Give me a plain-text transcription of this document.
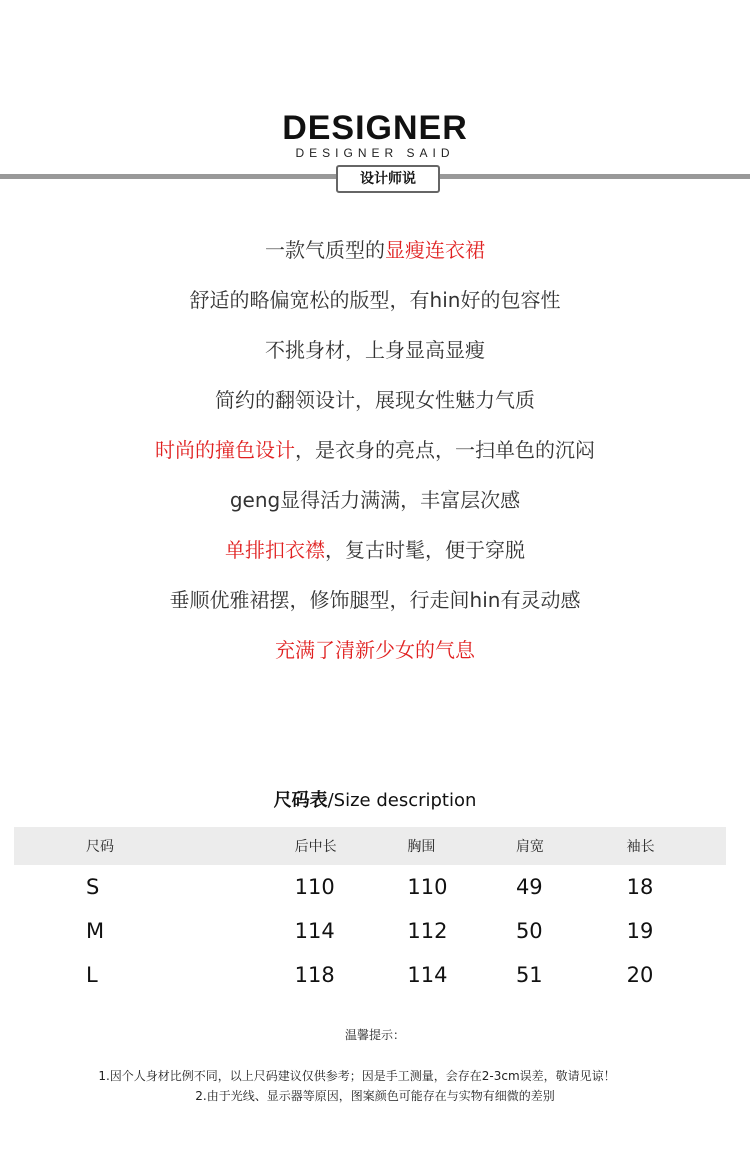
DESIGNER
DESIGNER SAID
设计师说
一款气质型的显瘦连衣裙
舒适的略偏宽松的版型，有hin好的包容性
不挑身材，上身显高显瘦
简约的翻领设计，展现女性魅力气质
时尚的撞色设计，是衣身的亮点，一扫单色的沉闷
geng显得活力满满，丰富层次感
单排扣衣襟，复古时髦，便于穿脱
垂顺优雅裙摆，修饰腿型，行走间hin有灵动感
充满了清新少女的气息
尺码表/Size description
尺码	后中长	胸围	肩宽	袖长
S	110	110	49	18
M	114	112	50	19
L	118	114	51	20
温馨提示：
1.因个人身材比例不同，以上尺码建议仅供参考；因是手工测量，会存在2-3cm误差，敬请见谅！
2.由于光线、显示器等原因，图案颜色可能存在与实物有细微的差别
